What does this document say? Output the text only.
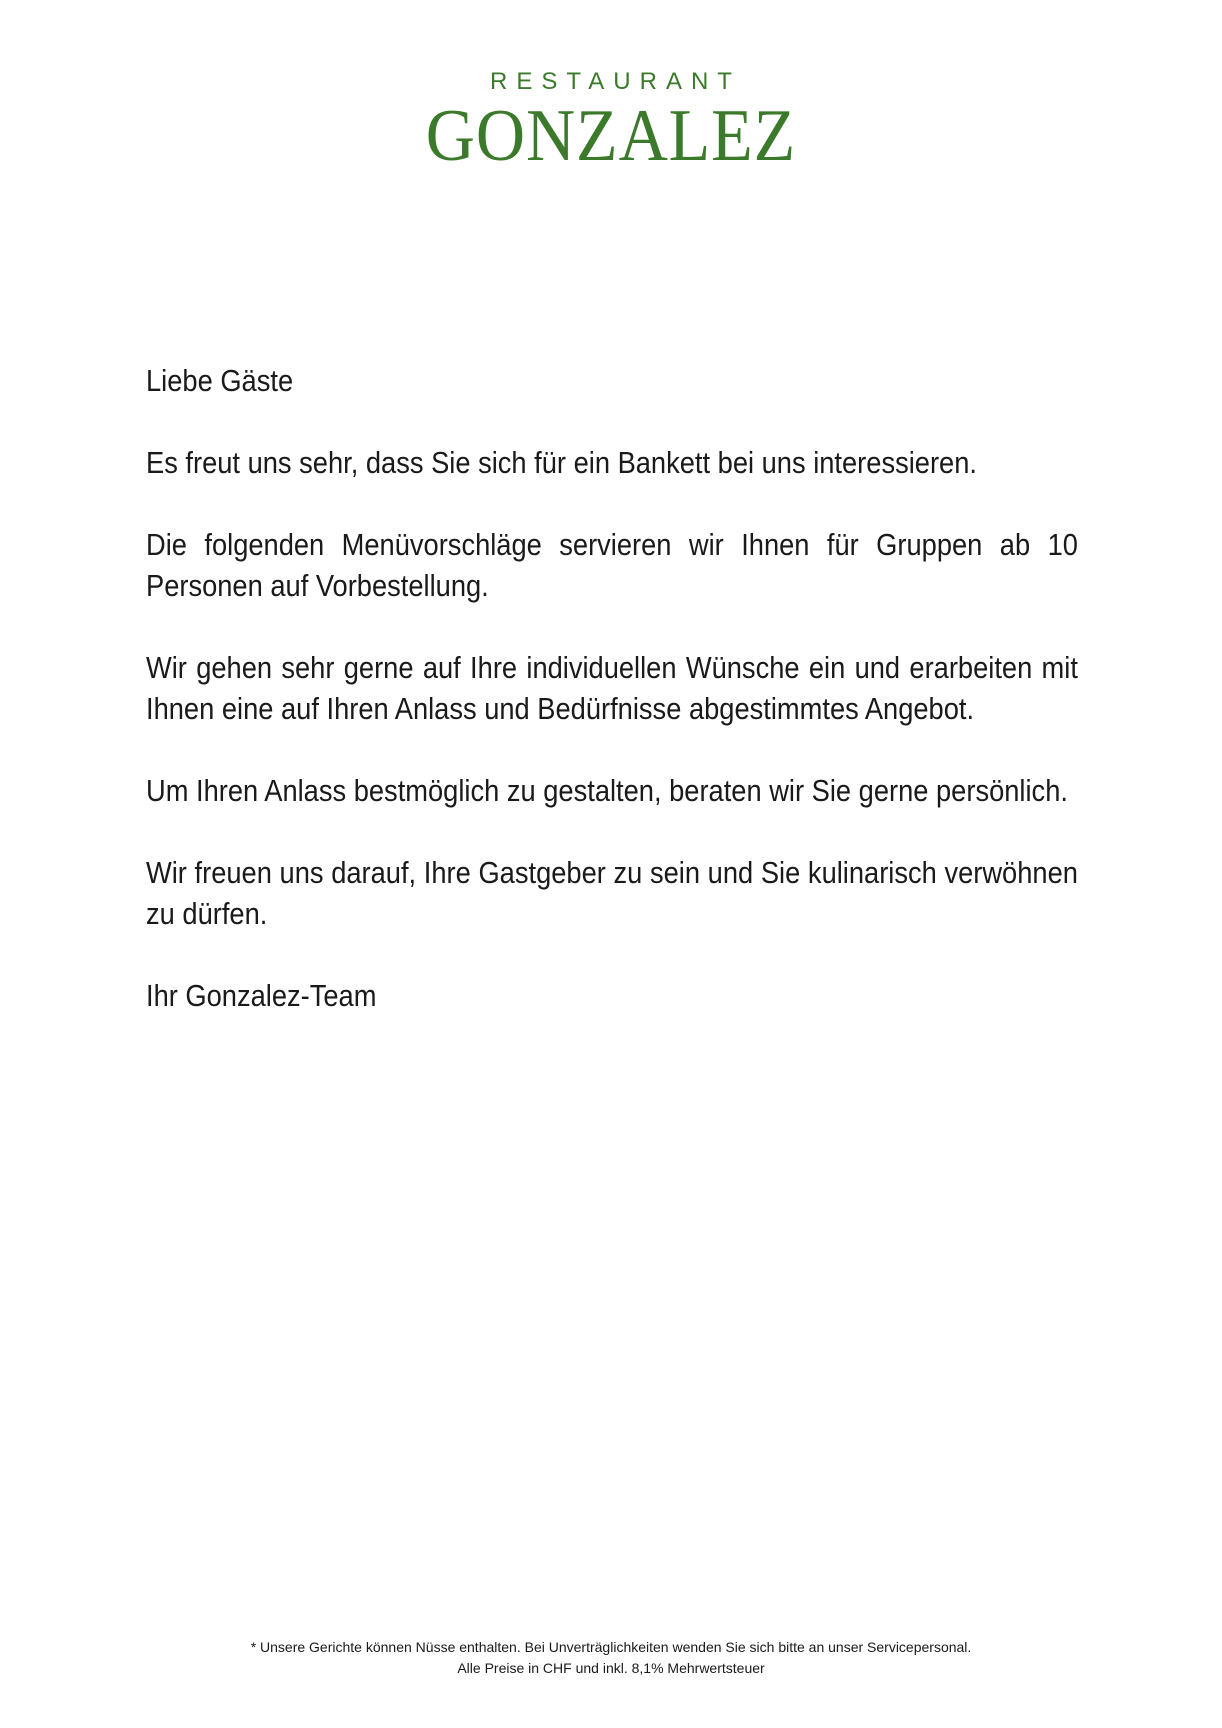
RESTAURANT
GONZALEZ

Liebe Gäste

Es freut uns sehr, dass Sie sich für ein Bankett bei uns interessieren.

Die folgenden Menüvorschläge servieren wir Ihnen für Gruppen ab 10 Personen auf Vorbestellung.

Wir gehen sehr gerne auf Ihre individuellen Wünsche ein und erarbeiten mit Ihnen eine auf Ihren Anlass und Bedürfnisse abgestimmtes Angebot.

Um Ihren Anlass bestmöglich zu gestalten, beraten wir Sie gerne persönlich.

Wir freuen uns darauf, Ihre Gastgeber zu sein und Sie kulinarisch verwöhnen zu dürfen.

Ihr Gonzalez-Team

* Unsere Gerichte können Nüsse enthalten. Bei Unverträglichkeiten wenden Sie sich bitte an unser Servicepersonal.
Alle Preise in CHF und inkl. 8,1% Mehrwertsteuer
